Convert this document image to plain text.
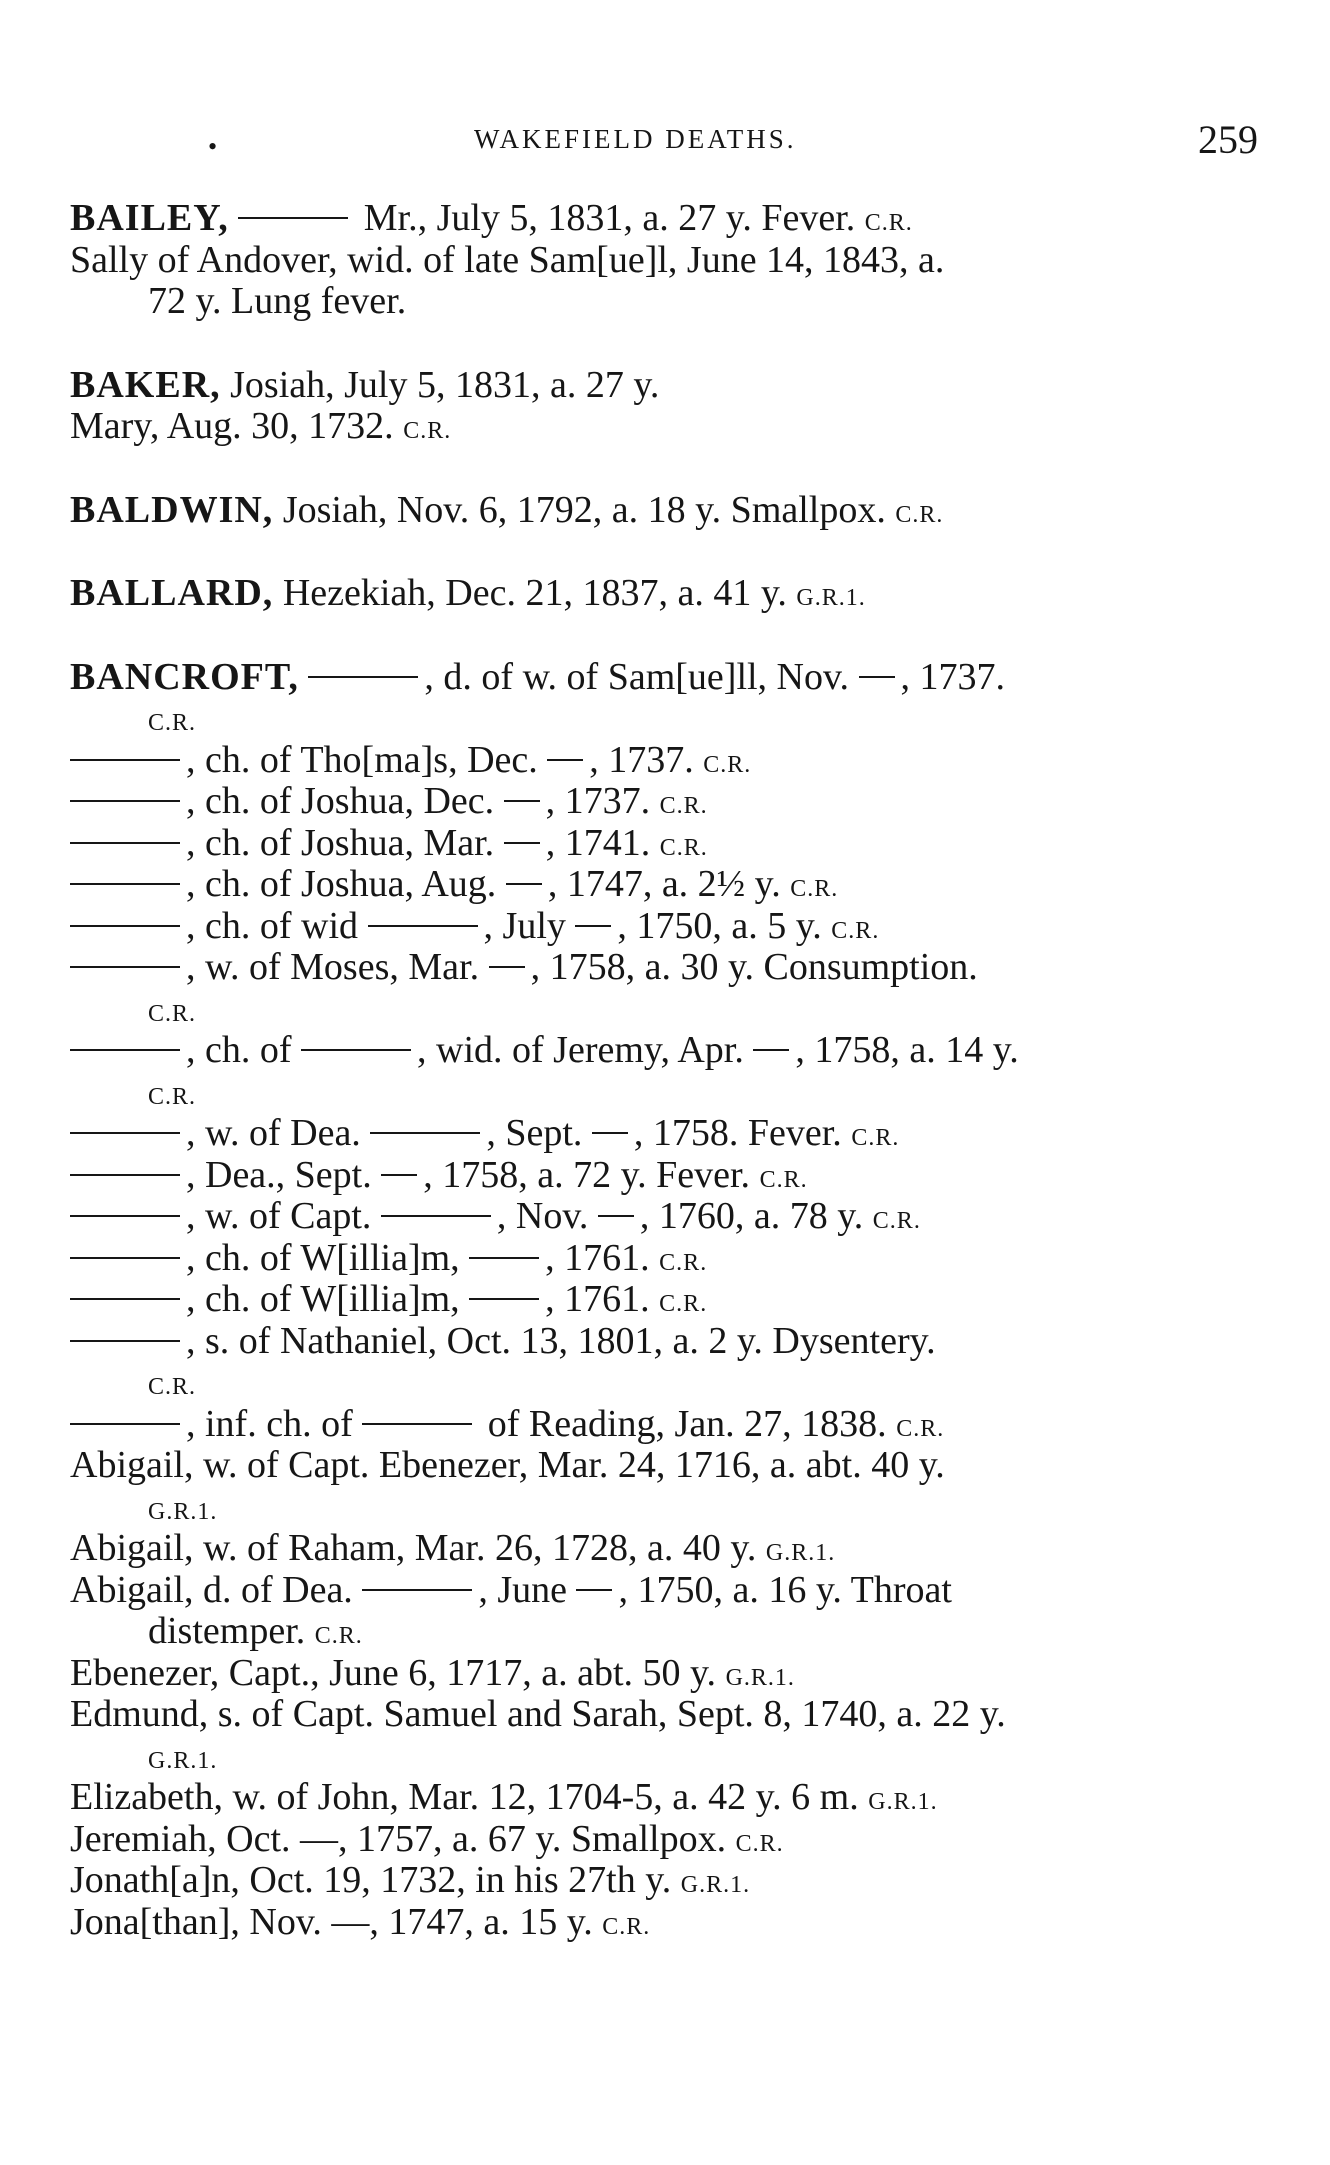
•	WAKEFIELD DEATHS.	259
BAILEY,	Mr., July 5, 1831, a. 27 y. Fever. C.R.
Sally of Andover, wid. of late Sam[ue]l, June 14, 1843, a.
72 y. Lung fever.
BAKER, Josiah, July 5, 1831, a. 27 y.
Mary, Aug. 30, 1732. C.R.
BALDWIN, Josiah, Nov. 6, 1792, a. 18 y. Smallpox. C.R.
BALLARD, Hezekiah, Dec. 21, 1837, a. 41 y. G.R.1.
BANCROFT,	, d. of w. of Sam[ue]ll, Nov. , 1737.
C.R.
, ch. of Tho[ma]s, Dec. , 1737. C.R.
, ch. of Joshua, Dec. , 1737. C.R.
, ch. of Joshua, Mar. , 1741. C.R.
, ch. of Joshua, Aug. , 1747, a. 2½ y. C.R.
, ch. of wid	, July , 1750, a. 5 y. C.R.
, w. of Moses, Mar. , 1758, a. 30 y. Consumption.
C.R.
, ch. of	, wid. of Jeremy, Apr. , 1758, a. 14 y.
C.R.
, w. of Dea.	, Sept. , 1758. Fever. C.R.
, Dea., Sept. , 1758, a. 72 y. Fever. C.R.
, w. of Capt.	, Nov. , 1760, a. 78 y. C.R.
, ch. of W[illia]m, , 1761. C.R.
, ch. of W[illia]m, , 1761. C.R.
, s. of Nathaniel, Oct. 13, 1801, a. 2 y. Dysentery.
C.R.
, inf. ch. of	of Reading, Jan. 27, 1838. C.R.
Abigail, w. of Capt. Ebenezer, Mar. 24, 1716, a. abt. 40 y.
G.R.1.
Abigail, w. of Raham, Mar. 26, 1728, a. 40 y. G.R.1.
Abigail, d. of Dea.	, June , 1750, a. 16 y. Throat
distemper. C.R.
Ebenezer, Capt., June 6, 1717, a. abt. 50 y. G.R.1.
Edmund, s. of Capt. Samuel and Sarah, Sept. 8, 1740, a. 22 y.
G.R.1.
Elizabeth, w. of John, Mar. 12, 1704-5, a. 42 y. 6 m. G.R.1.
Jeremiah, Oct. —, 1757, a. 67 y. Smallpox. C.R.
Jonath[a]n, Oct. 19, 1732, in his 27th y. G.R.1.
Jona[than], Nov. —, 1747, a. 15 y. C.R.
